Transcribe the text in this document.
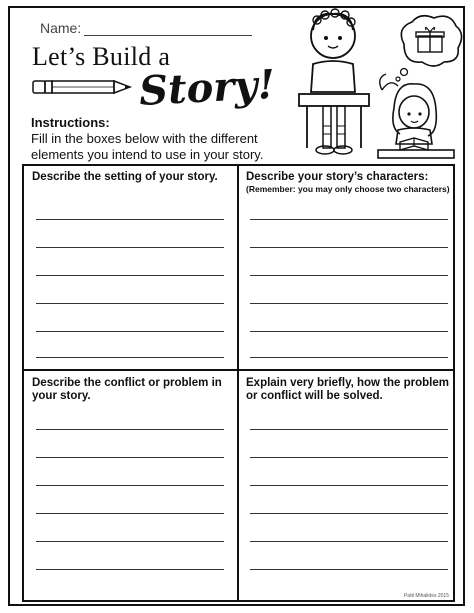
Name:
Let’s Build a
Story!
Instructions:
Fill in the boxes below with the different elements you intend to use in your story.
Describe the setting of your story.	Describe your story’s characters:
(Remember: you may only choose two characters)
Describe the conflict or problem in your story.
Explain very briefly, how the problem or conflict will be solved.
Patti Mihalides 2015
